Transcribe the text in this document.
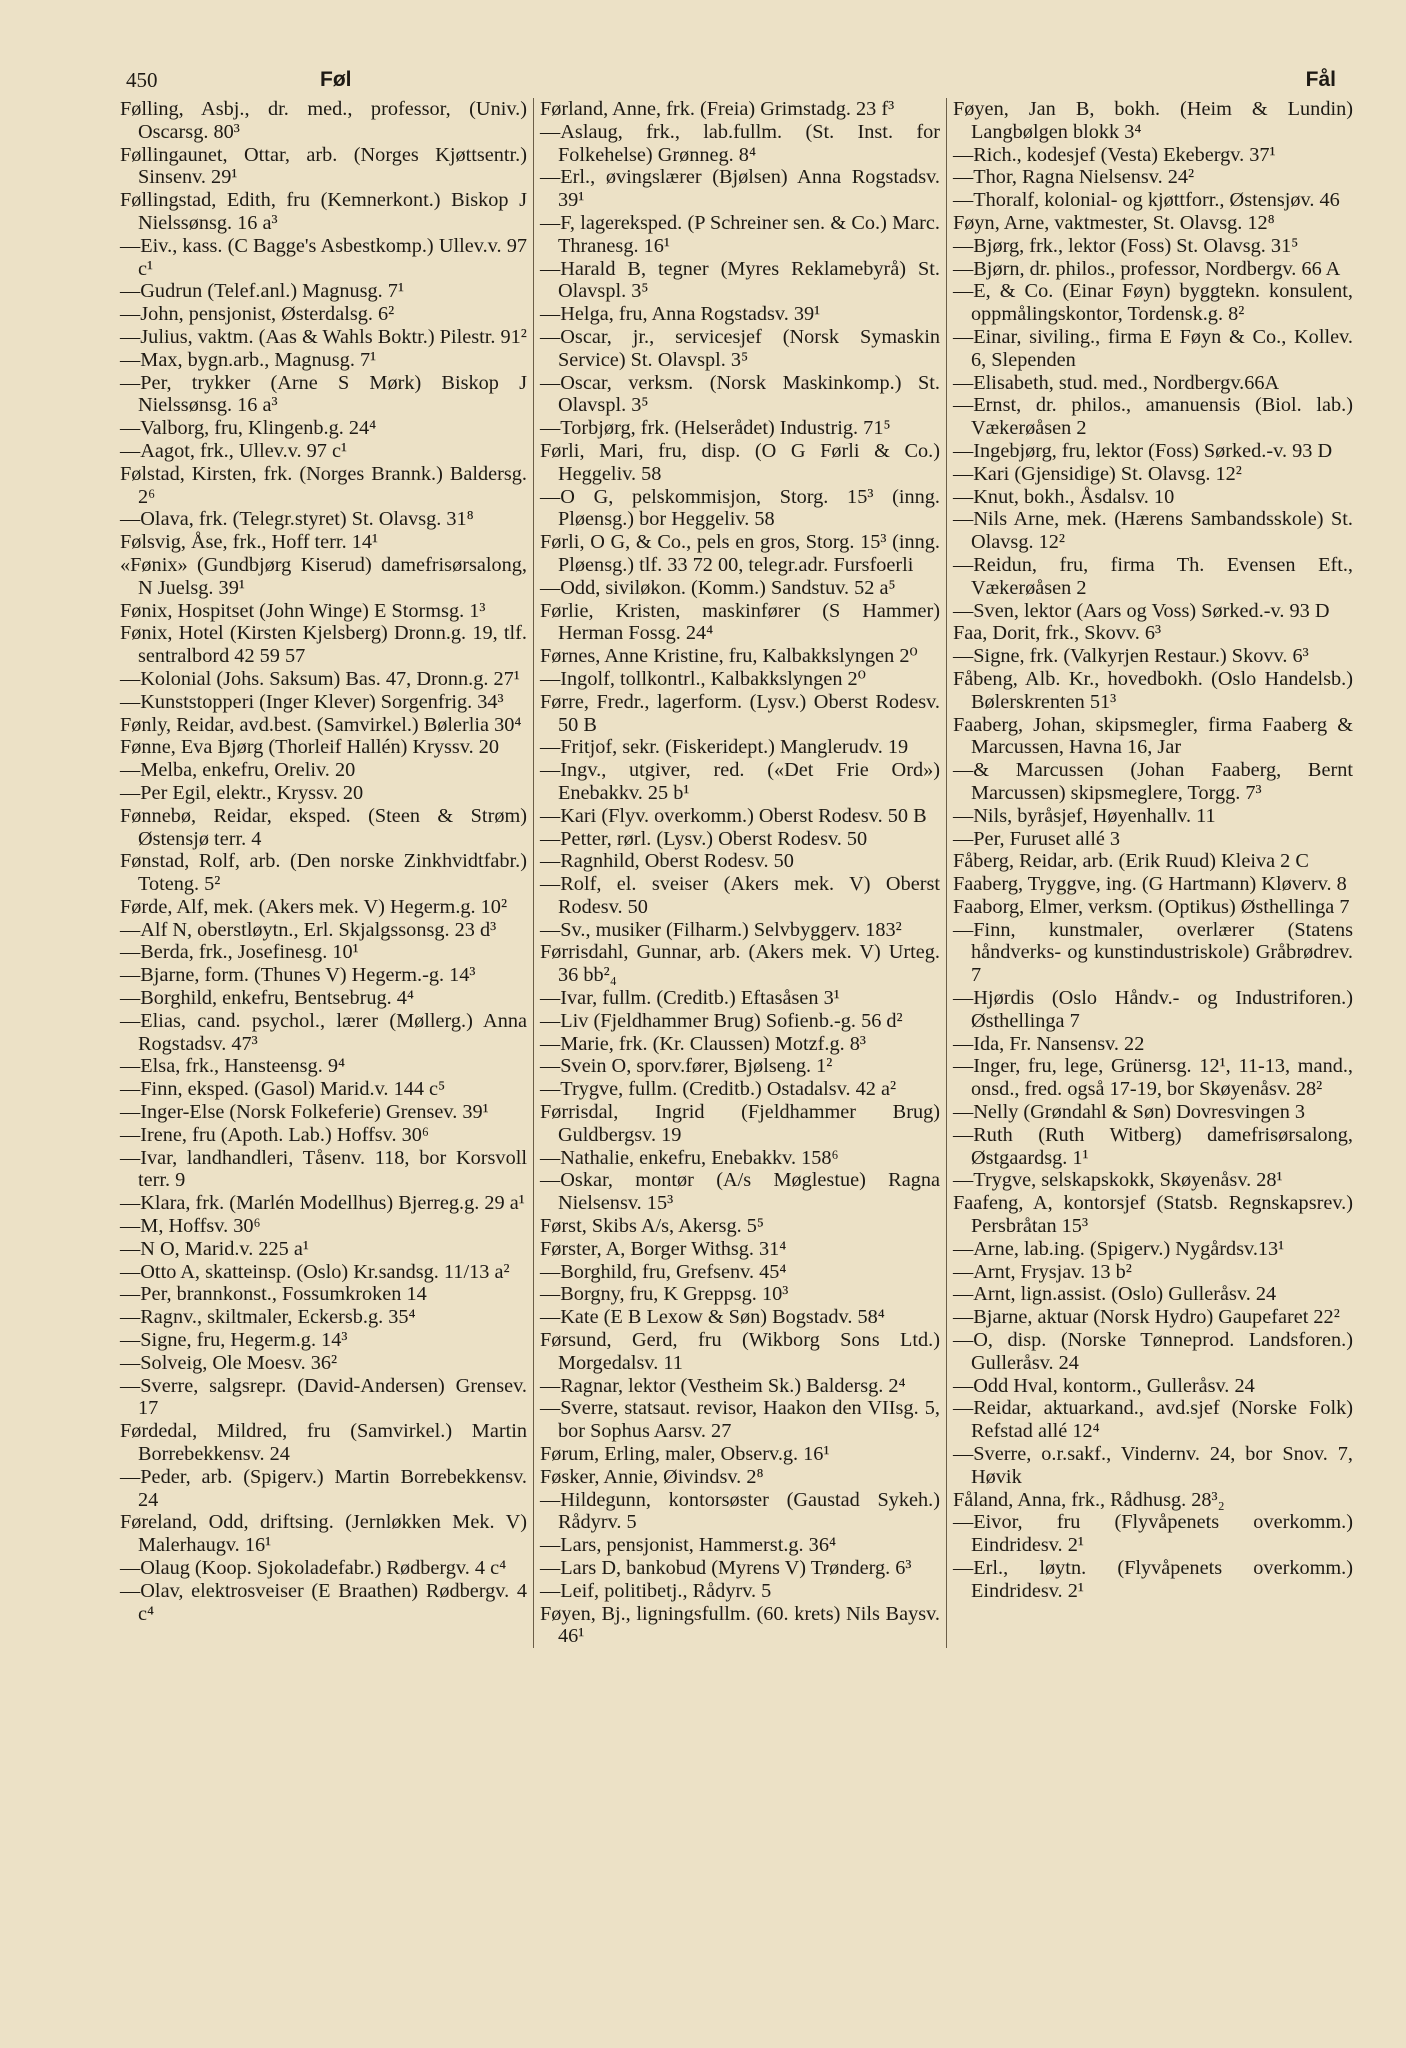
450	Føl	Fål

Følling, Asbj., dr. med., professor, (Univ.) Oscarsg. 80³

Føllingaunet, Ottar, arb. (Norges Kjøttsentr.) Sinsenv. 29¹

Føllingstad, Edith, fru (Kemnerkont.) Biskop J Nielssønsg. 16 a³

—Eiv., kass. (C Bagge's Asbestkomp.) Ullev.v. 97 c¹

—Gudrun (Telef.anl.) Magnusg. 7¹

—John, pensjonist, Østerdalsg. 6²

—Julius, vaktm. (Aas & Wahls Boktr.) Pilestr. 91²

—Max, bygn.arb., Magnusg. 7¹

—Per, trykker (Arne S Mørk) Biskop J Nielssønsg. 16 a³

—Valborg, fru, Klingenb.g. 24⁴

—Aagot, frk., Ullev.v. 97 c¹

Følstad, Kirsten, frk. (Norges Brannk.) Baldersg. 2⁶

—Olava, frk. (Telegr.styret) St. Olavsg. 31⁸

Følsvig, Åse, frk., Hoff terr. 14¹

«Fønix» (Gundbjørg Kiserud) damefrisørsalong, N Juelsg. 39¹

Fønix, Hospitset (John Winge) E Stormsg. 1³

Fønix, Hotel (Kirsten Kjelsberg) Dronn.g. 19, tlf. sentralbord 42 59 57

—Kolonial (Johs. Saksum) Bas. 47, Dronn.g. 27¹

—Kunststopperi (Inger Klever) Sorgenfrig. 34³

Fønly, Reidar, avd.best. (Samvirkel.) Bølerlia 30⁴

Fønne, Eva Bjørg (Thorleif Hallén) Kryssv. 20

—Melba, enkefru, Oreliv. 20

—Per Egil, elektr., Kryssv. 20

Fønnebø, Reidar, eksped. (Steen & Strøm) Østensjø terr. 4

Fønstad, Rolf, arb. (Den norske Zinkhvidtfabr.) Toteng. 5²

Førde, Alf, mek. (Akers mek. V) Hegerm.g. 10²

—Alf N, oberstløytn., Erl. Skjalgssonsg. 23 d³

—Berda, frk., Josefinesg. 10¹

—Bjarne, form. (Thunes V) Hegerm.-g. 14³

—Borghild, enkefru, Bentsebrug. 4⁴

—Elias, cand. psychol., lærer (Møllerg.) Anna Rogstadsv. 47³

—Elsa, frk., Hansteensg. 9⁴

—Finn, eksped. (Gasol) Marid.v. 144 c⁵

—Inger-Else (Norsk Folkeferie) Grensev. 39¹

—Irene, fru (Apoth. Lab.) Hoffsv. 30⁶

—Ivar, landhandleri, Tåsenv. 118, bor Korsvoll terr. 9

—Klara, frk. (Marlén Modellhus) Bjerreg.g. 29 a¹

—M, Hoffsv. 30⁶

—N O, Marid.v. 225 a¹

—Otto A, skatteinsp. (Oslo) Kr.sandsg. 11/13 a²

—Per, brannkonst., Fossumkroken 14

—Ragnv., skiltmaler, Eckersb.g. 35⁴

—Signe, fru, Hegerm.g. 14³

—Solveig, Ole Moesv. 36²

—Sverre, salgsrepr. (David-Andersen) Grensev. 17

Førdedal, Mildred, fru (Samvirkel.) Martin Borrebekkensv. 24

—Peder, arb. (Spigerv.) Martin Borrebekkensv. 24

Føreland, Odd, driftsing. (Jernløkken Mek. V) Malerhaugv. 16¹

—Olaug (Koop. Sjokoladefabr.) Rødbergv. 4 c⁴

—Olav, elektrosveiser (E Braathen) Rødbergv. 4 c⁴

Førland, Anne, frk. (Freia) Grimstadg. 23 f³

—Aslaug, frk., lab.fullm. (St. Inst. for Folkehelse) Grønneg. 8⁴

—Erl., øvingslærer (Bjølsen) Anna Rogstadsv. 39¹

—F, lagereksped. (P Schreiner sen. & Co.) Marc. Thranesg. 16¹

—Harald B, tegner (Myres Reklamebyrå) St. Olavspl. 3⁵

—Helga, fru, Anna Rogstadsv. 39¹

—Oscar, jr., servicesjef (Norsk Symaskin Service) St. Olavspl. 3⁵

—Oscar, verksm. (Norsk Maskinkomp.) St. Olavspl. 3⁵

—Torbjørg, frk. (Helserådet) Industrig. 71⁵

Førli, Mari, fru, disp. (O G Førli & Co.) Heggeliv. 58

—O G, pelskommisjon, Storg. 15³ (inng. Pløensg.) bor Heggeliv. 58

Førli, O G, & Co., pels en gros, Storg. 15³ (inng. Pløensg.) tlf. 33 72 00, telegr.adr. Fursfoerli

—Odd, siviløkon. (Komm.) Sandstuv. 52 a⁵

Førlie, Kristen, maskinfører (S Hammer) Herman Fossg. 24⁴

Førnes, Anne Kristine, fru, Kalbakkslyngen 2⁰

—Ingolf, tollkontrl., Kalbakkslyngen 2⁰

Førre, Fredr., lagerform. (Lysv.) Oberst Rodesv. 50 B

—Fritjof, sekr. (Fiskeridept.) Manglerudv. 19

—Ingv., utgiver, red. («Det Frie Ord») Enebakkv. 25 b¹

—Kari (Flyv. overkomm.) Oberst Rodesv. 50 B

—Petter, rørl. (Lysv.) Oberst Rodesv. 50

—Ragnhild, Oberst Rodesv. 50

—Rolf, el. sveiser (Akers mek. V) Oberst Rodesv. 50

—Sv., musiker (Filharm.) Selvbyggerv. 183²

Førrisdahl, Gunnar, arb. (Akers mek. V) Urteg. 36 bb²₄

—Ivar, fullm. (Creditb.) Eftasåsen 3¹

—Liv (Fjeldhammer Brug) Sofienb.-g. 56 d²

—Marie, frk. (Kr. Claussen) Motzf.g. 8³

—Svein O, sporv.fører, Bjølseng. 1²

—Trygve, fullm. (Creditb.) Ostadalsv. 42 a²

Førrisdal, Ingrid (Fjeldhammer Brug) Guldbergsv. 19

—Nathalie, enkefru, Enebakkv. 158⁶

—Oskar, montør (A/s Møglestue) Ragna Nielsensv. 15³

Først, Skibs A/s, Akersg. 5⁵

Førster, A, Borger Withsg. 31⁴

—Borghild, fru, Grefsenv. 45⁴

—Borgny, fru, K Greppsg. 10³

—Kate (E B Lexow & Søn) Bogstadv. 58⁴

Førsund, Gerd, fru (Wikborg Sons Ltd.) Morgedalsv. 11

—Ragnar, lektor (Vestheim Sk.) Baldersg. 2⁴

—Sverre, statsaut. revisor, Haakon den VIIsg. 5, bor Sophus Aarsv. 27

Førum, Erling, maler, Observ.g. 16¹

Føsker, Annie, Øivindsv. 2⁸

—Hildegunn, kontorsøster (Gaustad Sykeh.) Rådyrv. 5

—Lars, pensjonist, Hammerst.g. 36⁴

—Lars D, bankobud (Myrens V) Trønderg. 6³

—Leif, politibetj., Rådyrv. 5

Føyen, Bj., ligningsfullm. (60. krets) Nils Baysv. 46¹

Føyen, Jan B, bokh. (Heim & Lundin) Langbølgen blokk 3⁴

—Rich., kodesjef (Vesta) Ekebergv. 37¹

—Thor, Ragna Nielsensv. 24²

—Thoralf, kolonial- og kjøttforr., Østensjøv. 46

Føyn, Arne, vaktmester, St. Olavsg. 12⁸

—Bjørg, frk., lektor (Foss) St. Olavsg. 31⁵

—Bjørn, dr. philos., professor, Nordbergv. 66 A

—E, & Co. (Einar Føyn) byggtekn. konsulent, oppmålingskontor, Tordensk.g. 8²

—Einar, siviling., firma E Føyn & Co., Kollev. 6, Slependen

—Elisabeth, stud. med., Nordbergv.66A

—Ernst, dr. philos., amanuensis (Biol. lab.) Vækerøåsen 2

—Ingebjørg, fru, lektor (Foss) Sørked.-v. 93 D

—Kari (Gjensidige) St. Olavsg. 12²

—Knut, bokh., Åsdalsv. 10

—Nils Arne, mek. (Hærens Sambandsskole) St. Olavsg. 12²

—Reidun, fru, firma Th. Evensen Eft., Vækerøåsen 2

—Sven, lektor (Aars og Voss) Sørked.-v. 93 D

Faa, Dorit, frk., Skovv. 6³

—Signe, frk. (Valkyrjen Restaur.) Skovv. 6³

Fåbeng, Alb. Kr., hovedbokh. (Oslo Handelsb.) Bølerskrenten 51³

Faaberg, Johan, skipsmegler, firma Faaberg & Marcussen, Havna 16, Jar

—& Marcussen (Johan Faaberg, Bernt Marcussen) skipsmeglere, Torgg. 7³

—Nils, byråsjef, Høyenhallv. 11

—Per, Furuset allé 3

Fåberg, Reidar, arb. (Erik Ruud) Kleiva 2 C

Faaberg, Tryggve, ing. (G Hartmann) Kløverv. 8

Faaborg, Elmer, verksm. (Optikus) Østhellinga 7

—Finn, kunstmaler, overlærer (Statens håndverks- og kunstindustriskole) Gråbrødrev. 7

—Hjørdis (Oslo Håndv.- og Industriforen.) Østhellinga 7

—Ida, Fr. Nansensv. 22

—Inger, fru, lege, Grünersg. 12¹, 11-13, mand., onsd., fred. også 17-19, bor Skøyenåsv. 28²

—Nelly (Grøndahl & Søn) Dovresvingen 3

—Ruth (Ruth Witberg) damefrisørsalong, Østgaardsg. 1¹

—Trygve, selskapskokk, Skøyenåsv. 28¹

Faafeng, A, kontorsjef (Statsb. Regnskapsrev.) Persbråtan 15³

—Arne, lab.ing. (Spigerv.) Nygårdsv.13¹

—Arnt, Frysjav. 13 b²

—Arnt, lign.assist. (Oslo) Gulleråsv. 24

—Bjarne, aktuar (Norsk Hydro) Gaupefaret 22²

—O, disp. (Norske Tønneprod. Landsforen.) Gulleråsv. 24

—Odd Hval, kontorm., Gulleråsv. 24

—Reidar, aktuarkand., avd.sjef (Norske Folk) Refstad allé 12⁴

—Sverre, o.r.sakf., Vindernv. 24, bor Snov. 7, Høvik

Fåland, Anna, frk., Rådhusg. 28³₂

—Eivor, fru (Flyvåpenets overkomm.) Eindridesv. 2¹

—Erl., løytn. (Flyvåpenets overkomm.) Eindridesv. 2¹
